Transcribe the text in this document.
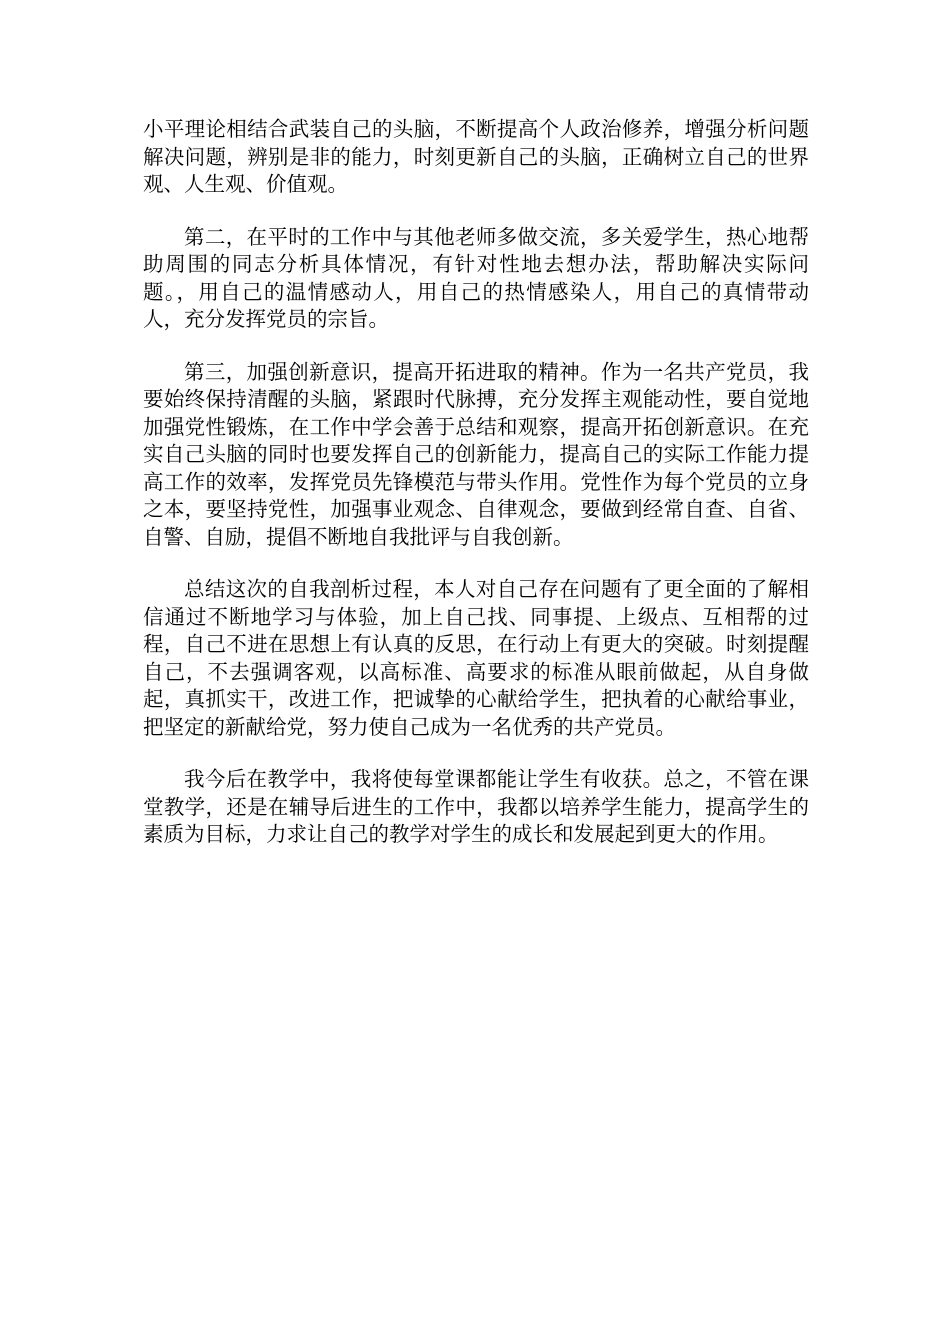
小平理论相结合武装自己的头脑，不断提高个人政治修养，增强分析问题解决问题，辨别是非的能力，时刻更新自己的头脑，正确树立自己的世界观、人生观、价值观。

第二，在平时的工作中与其他老师多做交流，多关爱学生，热心地帮助周围的同志分析具体情况，有针对性地去想办法，帮助解决实际问题。，用自己的温情感动人，用自己的热情感染人，用自己的真情带动人，充分发挥党员的宗旨。

第三，加强创新意识，提高开拓进取的精神。作为一名共产党员，我要始终保持清醒的头脑，紧跟时代脉搏，充分发挥主观能动性，要自觉地加强党性锻炼，在工作中学会善于总结和观察，提高开拓创新意识。在充实自己头脑的同时也要发挥自己的创新能力，提高自己的实际工作能力提高工作的效率，发挥党员先锋模范与带头作用。党性作为每个党员的立身之本，要坚持党性，加强事业观念、自律观念，要做到经常自查、自省、自警、自励，提倡不断地自我批评与自我创新。

总结这次的自我剖析过程，本人对自己存在问题有了更全面的了解相信通过不断地学习与体验，加上自己找、同事提、上级点、互相帮的过程，自己不进在思想上有认真的反思，在行动上有更大的突破。时刻提醒自己，不去强调客观，以高标准、高要求的标准从眼前做起，从自身做起，真抓实干，改进工作，把诚挚的心献给学生，把执着的心献给事业，把坚定的新献给党，努力使自己成为一名优秀的共产党员。

我今后在教学中，我将使每堂课都能让学生有收获。总之，不管在课堂教学，还是在辅导后进生的工作中，我都以培养学生能力，提高学生的素质为目标，力求让自己的教学对学生的成长和发展起到更大的作用。
